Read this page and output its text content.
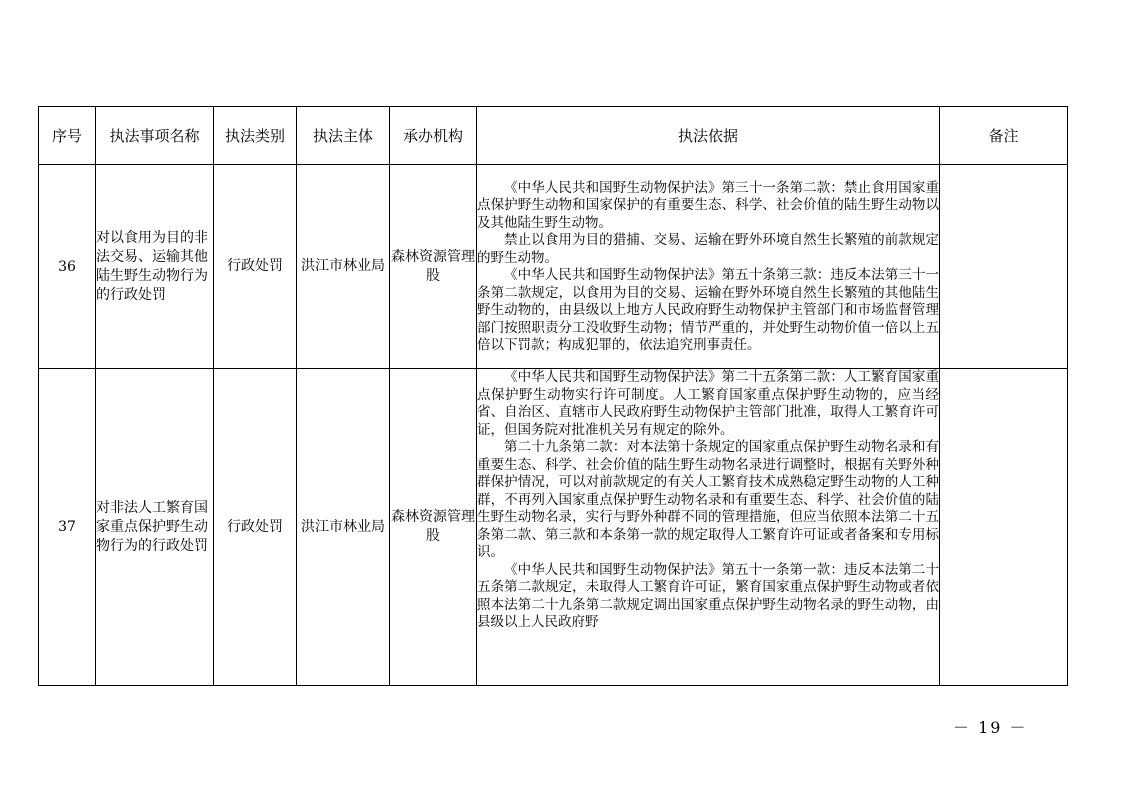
序号	执法事项名称	执法类别	执法主体	承办机构	执法依据	备注
36	对以食用为目的非法交易、运输其他陆生野生动物行为的行政处罚	行政处罚	洪江市林业局	森林资源管理股	《中华人民共和国野生动物保护法》第三十一条第二款：禁止食用国家重点保护野生动物和国家保护的有重要生态、科学、社会价值的陆生野生动物以及其他陆生野生动物。

禁止以食用为目的猎捕、交易、运输在野外环境自然生长繁殖的前款规定的野生动物。

《中华人民共和国野生动物保护法》第五十条第三款：违反本法第三十一条第二款规定，以食用为目的交易、运输在野外环境自然生长繁殖的其他陆生野生动物的，由县级以上地方人民政府野生动物保护主管部门和市场监督管理部门按照职责分工没收野生动物；情节严重的，并处野生动物价值一倍以上五倍以下罚款；构成犯罪的，依法追究刑事责任。	

37	对非法人工繁育国家重点保护野生动物行为的行政处罚	行政处罚	洪江市林业局	森林资源管理股	《中华人民共和国野生动物保护法》第二十五条第二款：人工繁育国家重点保护野生动物实行许可制度。人工繁育国家重点保护野生动物的，应当经省、自治区、直辖市人民政府野生动物保护主管部门批准，取得人工繁育许可证，但国务院对批准机关另有规定的除外。

第二十九条第二款：对本法第十条规定的国家重点保护野生动物名录和有重要生态、科学、社会价值的陆生野生动物名录进行调整时，根据有关野外种群保护情况，可以对前款规定的有关人工繁育技术成熟稳定野生动物的人工种群，不再列入国家重点保护野生动物名录和有重要生态、科学、社会价值的陆生野生动物名录，实行与野外种群不同的管理措施，但应当依照本法第二十五条第二款、第三款和本条第一款的规定取得人工繁育许可证或者备案和专用标识。

《中华人民共和国野生动物保护法》第五十一条第一款：违反本法第二十五条第二款规定，未取得人工繁育许可证，繁育国家重点保护野生动物或者依照本法第二十九条第二款规定调出国家重点保护野生动物名录的野生动物，由县级以上人民政府野	

－ 19 －
